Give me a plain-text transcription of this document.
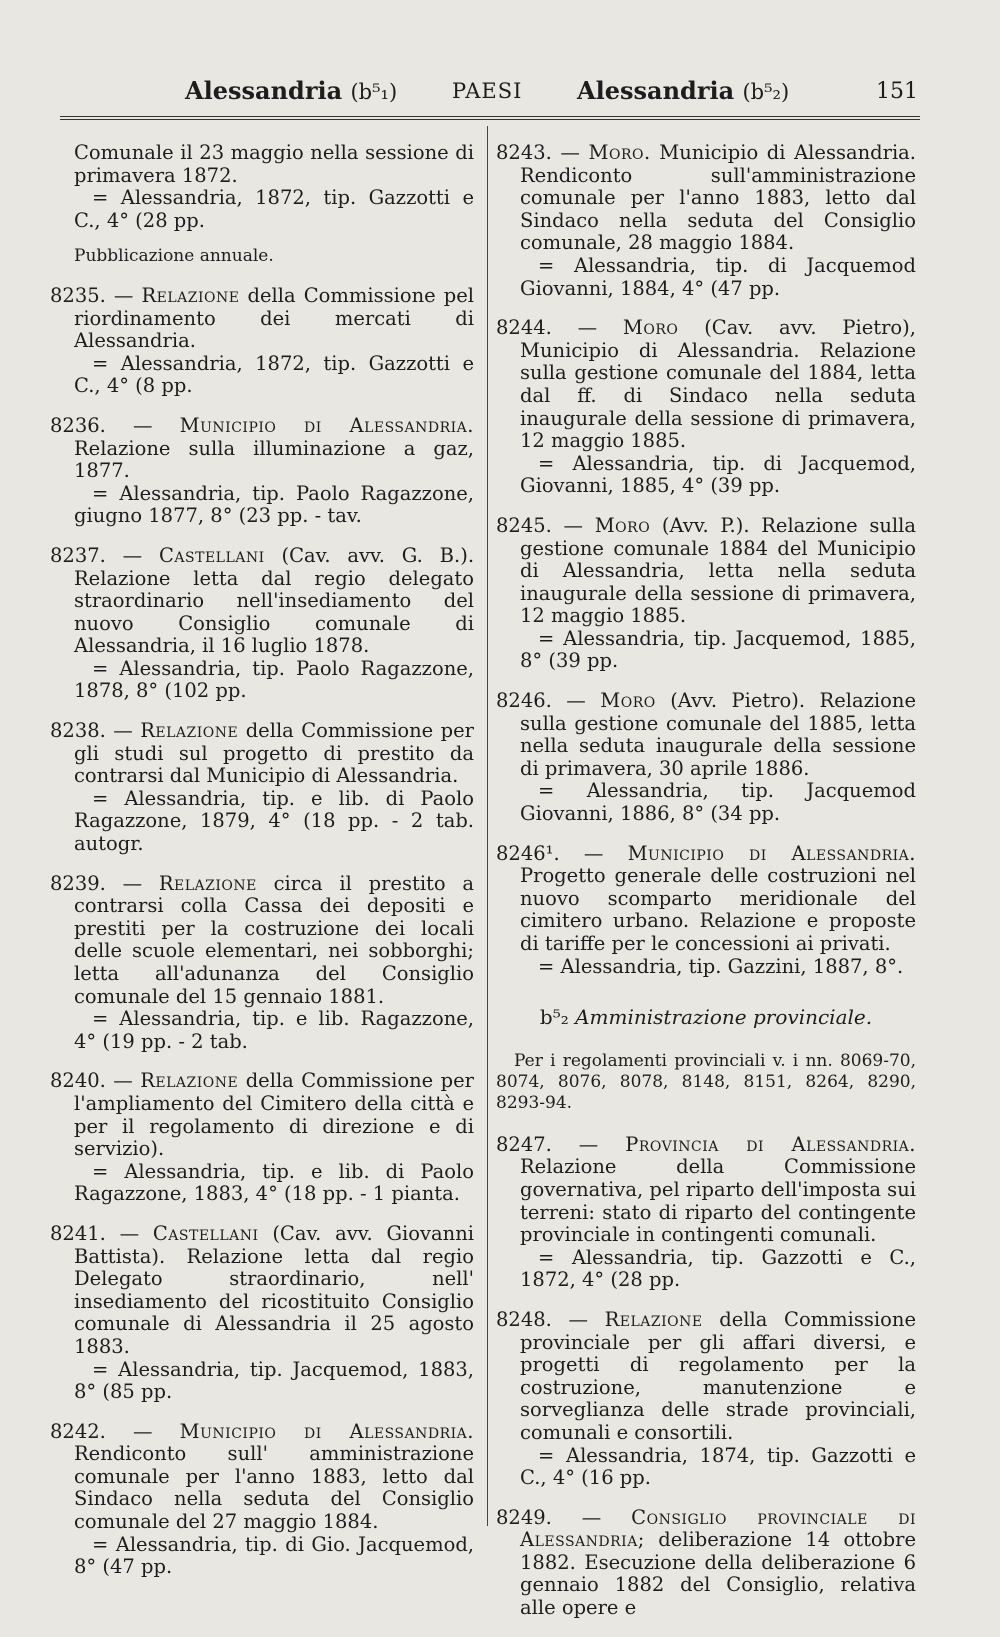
Alessandria (b⁵₁)	PAESI Alessandria (b⁵₂)	151
Comunale il 23 maggio nella sessione di primavera 1872.
= Alessandria, 1872, tip. Gazzotti e C., 4° (28 pp.
Pubblicazione annuale.
8235. — Relazione della Commissione pel riordinamento dei mercati di Alessandria.
= Alessandria, 1872, tip. Gazzotti e C., 4° (8 pp.
8236. — Municipio di Alessandria. Relazione sulla illuminazione a gaz, 1877.
= Alessandria, tip. Paolo Ragazzone, giugno 1877, 8° (23 pp. - tav.
8237. — Castellani (Cav. avv. G. B.). Relazione letta dal regio delegato straordinario nell'insediamento del nuovo Consiglio comunale di Alessandria, il 16 luglio 1878.
= Alessandria, tip. Paolo Ragazzone, 1878, 8° (102 pp.
8238. — Relazione della Commissione per gli studi sul progetto di prestito da contrarsi dal Municipio di Alessandria.
= Alessandria, tip. e lib. di Paolo Ragazzone, 1879, 4° (18 pp. - 2 tab. autogr.
8239. — Relazione circa il prestito a contrarsi colla Cassa dei depositi e prestiti per la costruzione dei locali delle scuole elementari, nei sobborghi; letta all'adunanza del Consiglio comunale del 15 gennaio 1881.
= Alessandria, tip. e lib. Ragazzone, 4° (19 pp. - 2 tab.
8240. — Relazione della Commissione per l'ampliamento del Cimitero della città e per il regolamento di direzione e di servizio).
= Alessandria, tip. e lib. di Paolo Ragazzone, 1883, 4° (18 pp. - 1 pianta.
8241. — Castellani (Cav. avv. Giovanni Battista). Relazione letta dal regio Delegato straordinario, nell' insediamento del ricostituito Consiglio comunale di Alessandria il 25 agosto 1883.
= Alessandria, tip. Jacquemod, 1883, 8° (85 pp.
8242. — Municipio di Alessandria. Rendiconto sull' amministrazione comunale per l'anno 1883, letto dal Sindaco nella seduta del Consiglio comunale del 27 maggio 1884.
= Alessandria, tip. di Gio. Jacquemod, 8° (47 pp.
8243. — Moro. Municipio di Alessandria. Rendiconto sull'amministrazione comunale per l'anno 1883, letto dal Sindaco nella seduta del Consiglio comunale, 28 maggio 1884.
= Alessandria, tip. di Jacquemod Giovanni, 1884, 4° (47 pp.
8244. — Moro (Cav. avv. Pietro), Municipio di Alessandria. Relazione sulla gestione comunale del 1884, letta dal ff. di Sindaco nella seduta inaugurale della sessione di primavera, 12 maggio 1885.
= Alessandria, tip. di Jacquemod, Giovanni, 1885, 4° (39 pp.
8245. — Moro (Avv. P.). Relazione sulla gestione comunale 1884 del Municipio di Alessandria, letta nella seduta inaugurale della sessione di primavera, 12 maggio 1885.
= Alessandria, tip. Jacquemod, 1885, 8° (39 pp.
8246. — Moro (Avv. Pietro). Relazione sulla gestione comunale del 1885, letta nella seduta inaugurale della sessione di primavera, 30 aprile 1886.
= Alessandria, tip. Jacquemod Giovanni, 1886, 8° (34 pp.
8246¹. — Municipio di Alessandria. Progetto generale delle costruzioni nel nuovo scomparto meridionale del cimitero urbano. Relazione e proposte di tariffe per le concessioni ai privati.
= Alessandria, tip. Gazzini, 1887, 8°.
b⁵₂ Amministrazione provinciale.
Per i regolamenti provinciali v. i nn. 8069-70, 8074, 8076, 8078, 8148, 8151, 8264, 8290, 8293-94.
8247. — Provincia di Alessandria. Relazione della Commissione governativa, pel riparto dell'imposta sui terreni: stato di riparto del contingente provinciale in contingenti comunali.
= Alessandria, tip. Gazzotti e C., 1872, 4° (28 pp.
8248. — Relazione della Commissione provinciale per gli affari diversi, e progetti di regolamento per la costruzione, manutenzione e sorveglianza delle strade provinciali, comunali e consortili.
= Alessandria, 1874, tip. Gazzotti e C., 4° (16 pp.
8249. — Consiglio provinciale di Alessandria; deliberazione 14 ottobre 1882. Esecuzione della deliberazione 6 gennaio 1882 del Consiglio, relativa alle opere e
